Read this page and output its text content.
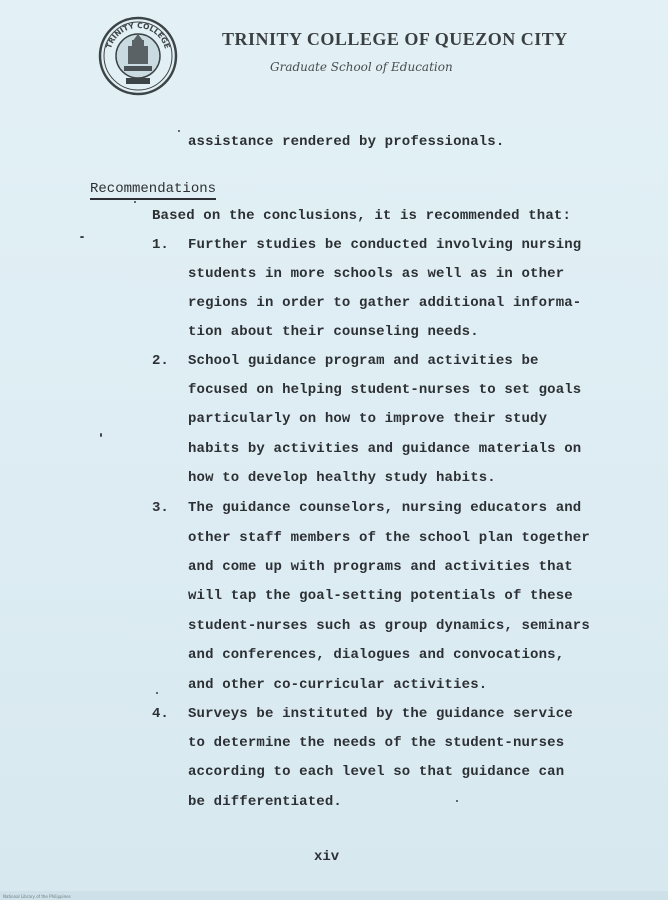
TRINITY COLLEGE	TRINITY COLLEGE OF QUEZON CITY
Graduate School of Education
assistance rendered by professionals.
Recommendations
Based on the conclusions, it is recommended that:
1. Further studies be conducted involving nursing
students in more schools as well as in other
regions in order to gather additional informa-
tion about their counseling needs.
2. School guidance program and activities be
focused on helping student-nurses to set goals
particularly on how to improve their study
habits by activities and guidance materials on
how to develop healthy study habits.
3. The guidance counselors, nursing educators and
other staff members of the school plan together
and come up with programs and activities that
will tap the goal-setting potentials of these
student-nurses such as group dynamics, seminars
and conferences, dialogues and convocations,
and other co-curricular activities.
4. Surveys be instituted by the guidance service
to determine the needs of the student-nurses
according to each level so that guidance can
be differentiated.
xiv
National Library of the Philippines
